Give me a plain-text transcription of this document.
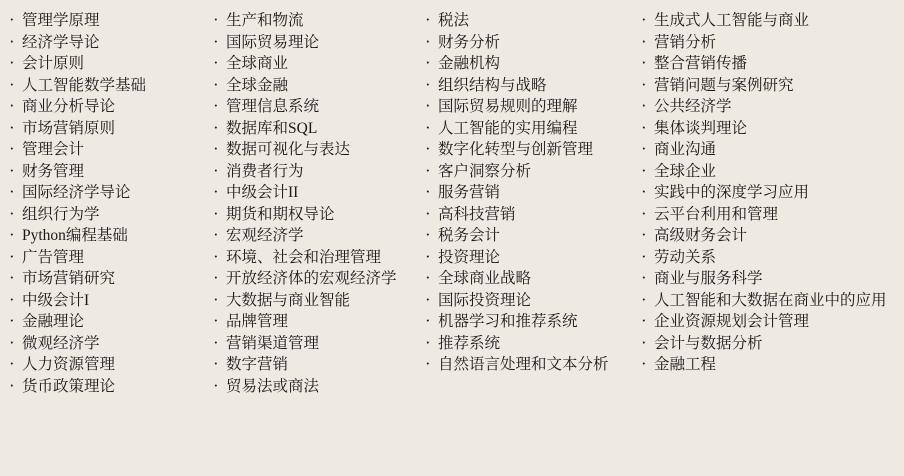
· 管理学原理
· 经济学导论
· 会计原则
· 人工智能数学基础
· 商业分析导论
· 市场营销原则
· 管理会计
· 财务管理
· 国际经济学导论
· 组织行为学
· Python编程基础
· 广告管理
· 市场营销研究
· 中级会计I
· 金融理论
· 微观经济学
· 人力资源管理
· 货币政策理论
· 生产和物流
· 国际贸易理论
· 全球商业
· 全球金融
· 管理信息系统
· 数据库和SQL
· 数据可视化与表达
· 消费者行为
· 中级会计II
· 期货和期权导论
· 宏观经济学
· 环境、社会和治理管理
· 开放经济体的宏观经济学
· 大数据与商业智能
· 品牌管理
· 营销渠道管理
· 数字营销
· 贸易法或商法
· 税法
· 财务分析
· 金融机构
· 组织结构与战略
· 国际贸易规则的理解
· 人工智能的实用编程
· 数字化转型与创新管理
· 客户洞察分析
· 服务营销
· 高科技营销
· 税务会计
· 投资理论
· 全球商业战略
· 国际投资理论
· 机器学习和推荐系统
· 推荐系统
· 自然语言处理和文本分析
· 生成式人工智能与商业
· 营销分析
· 整合营销传播
· 营销问题与案例研究
· 公共经济学
· 集体谈判理论
· 商业沟通
· 全球企业
· 实践中的深度学习应用
· 云平台利用和管理
· 高级财务会计
· 劳动关系
· 商业与服务科学
· 人工智能和大数据在商业中的应用
· 企业资源规划会计管理
· 会计与数据分析
· 金融工程
